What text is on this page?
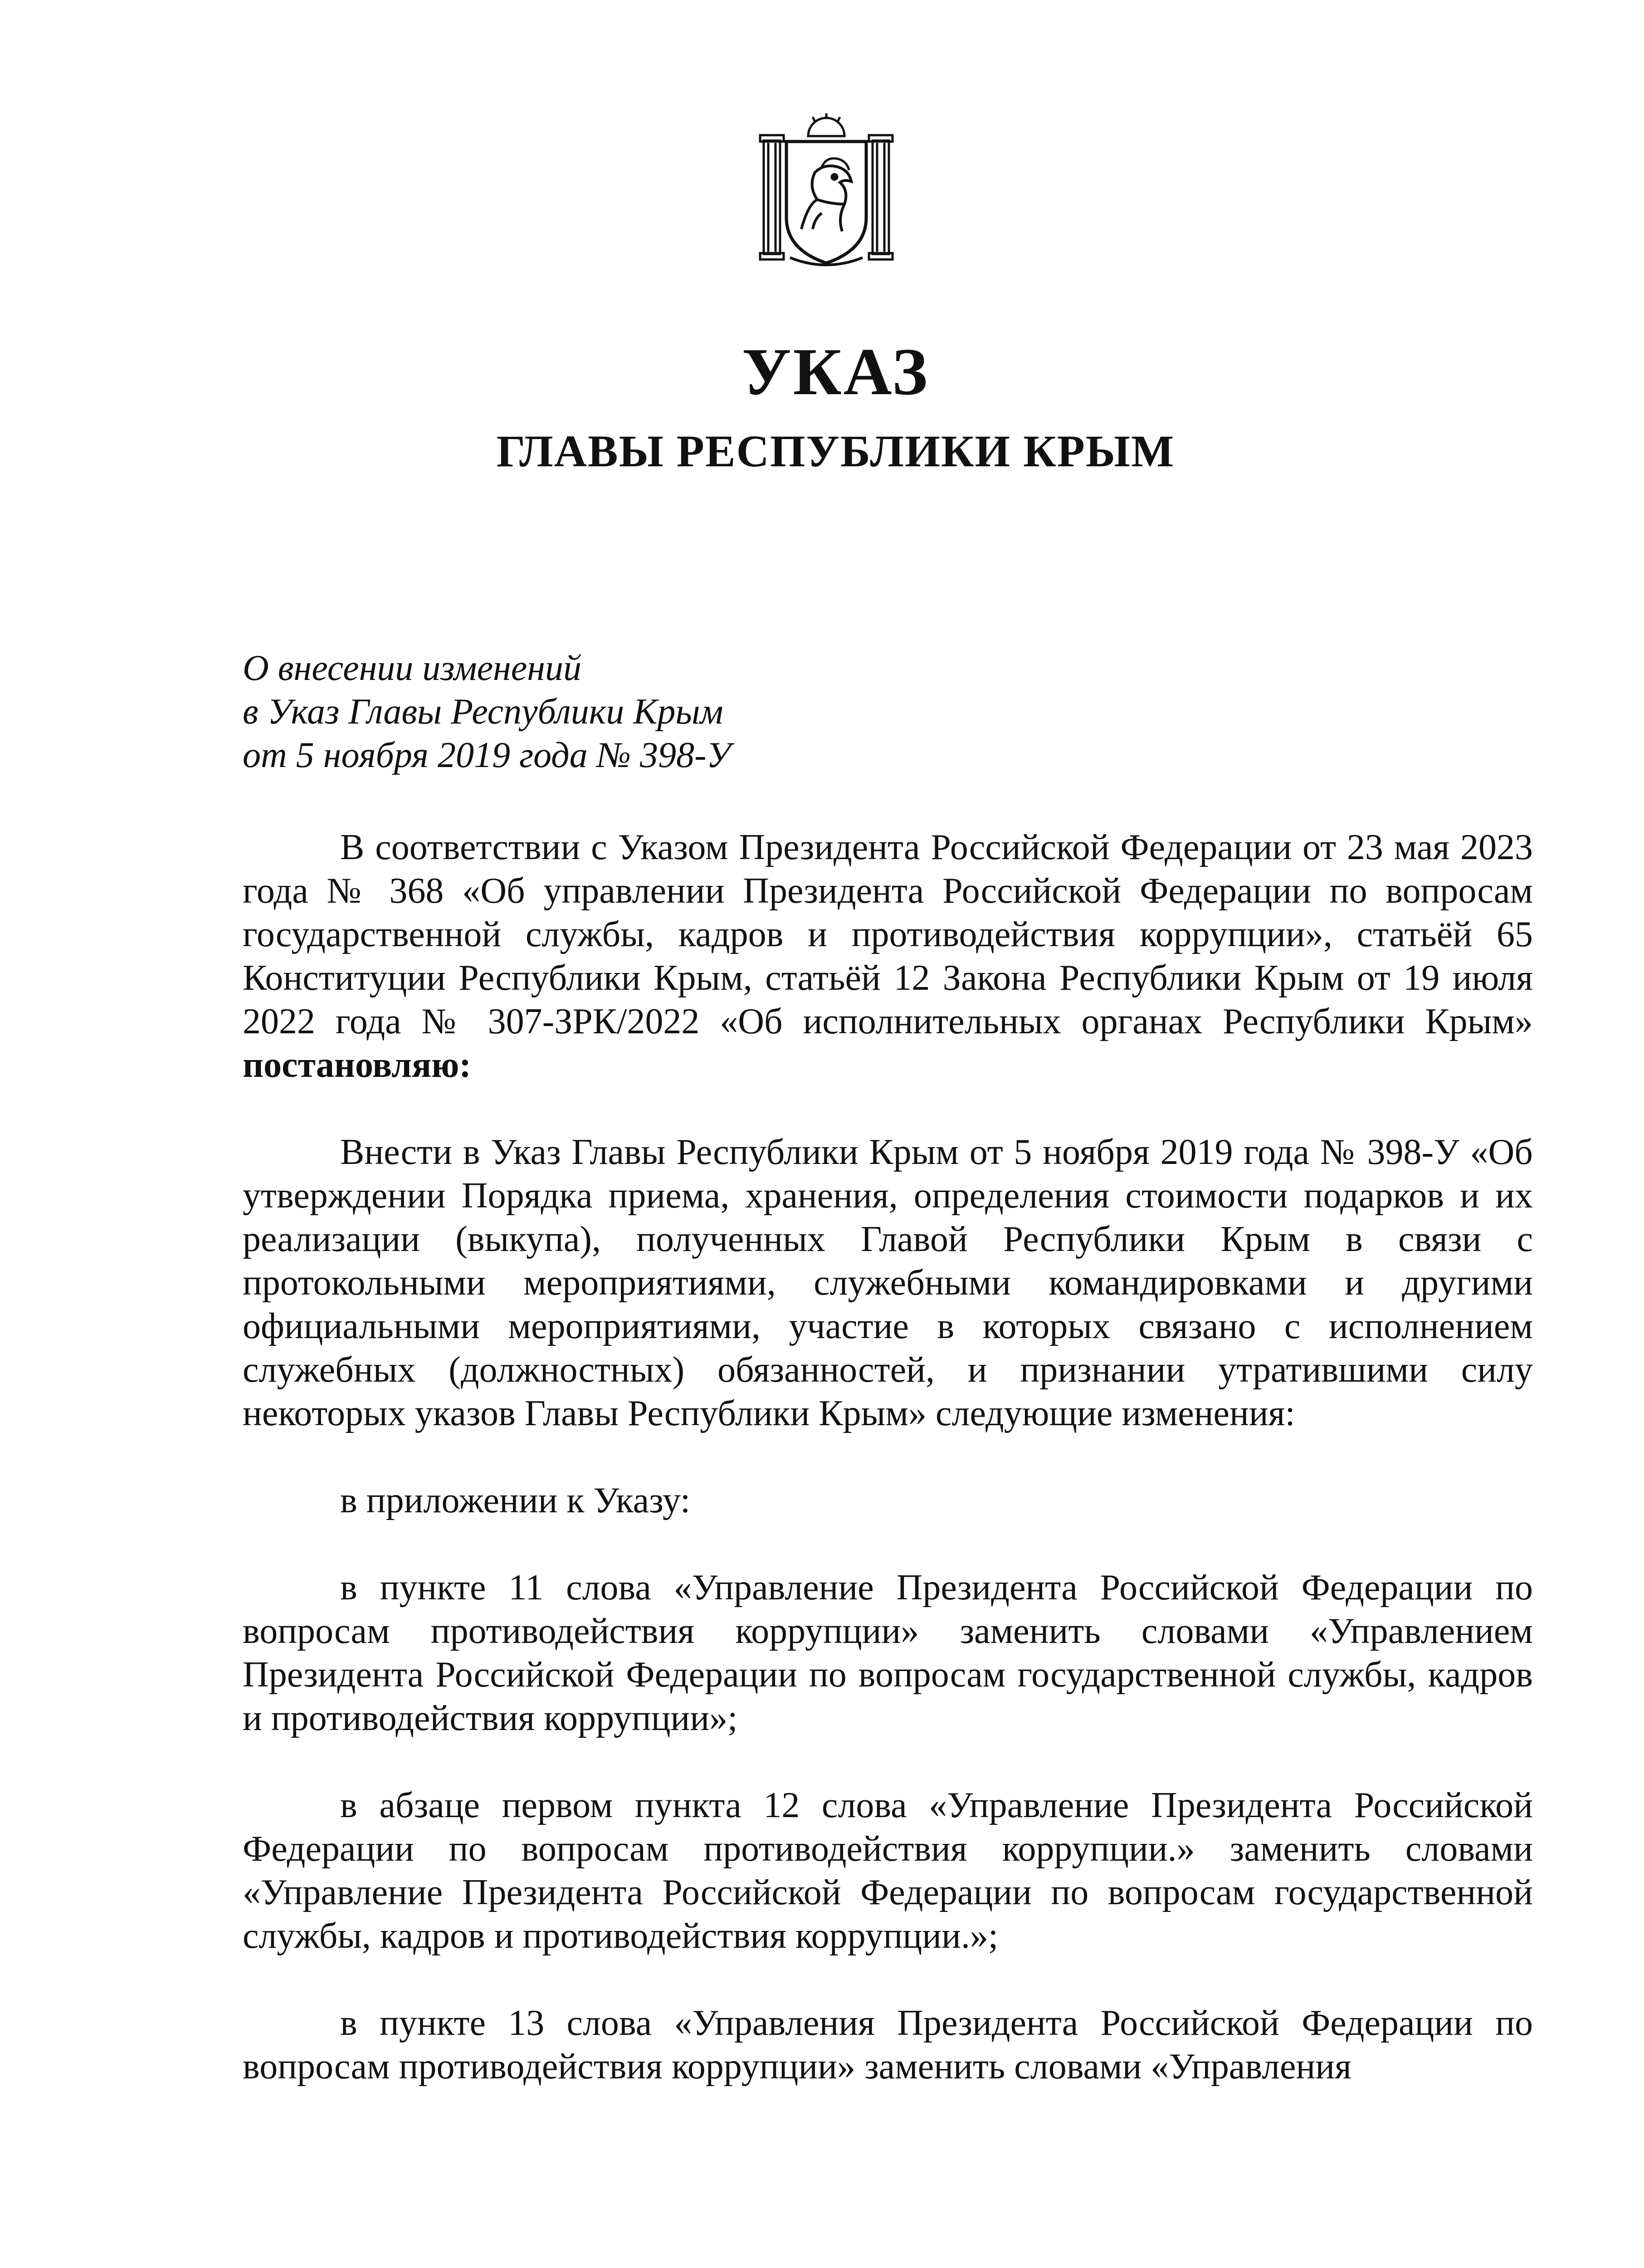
УКАЗ
ГЛАВЫ РЕСПУБЛИКИ КРЫМ
О внесении изменений
в Указ Главы Республики Крым
от 5 ноября 2019 года № 398-У

В соответствии с Указом Президента Российской Федерации от 23 мая 2023 года № 368 «Об управлении Президента Российской Федерации по вопросам государственной службы, кадров и противодействия коррупции», статьёй 65 Конституции Республики Крым, статьёй 12 Закона Республики Крым от 19 июля 2022 года № 307-ЗРК/2022 «Об исполнительных органах Республики Крым» постановляю:

Внести в Указ Главы Республики Крым от 5 ноября 2019 года № 398-У «Об утверждении Порядка приема, хранения, определения стоимости подарков и их реализации (выкупа), полученных Главой Республики Крым в связи с протокольными мероприятиями, служебными командировками и другими официальными мероприятиями, участие в которых связано с исполнением служебных (должностных) обязанностей, и признании утратившими силу некоторых указов Главы Республики Крым» следующие изменения:

в приложении к Указу:

в пункте 11 слова «Управление Президента Российской Федерации по вопросам противодействия коррупции» заменить словами «Управлением Президента Российской Федерации по вопросам государственной службы, кадров и противодействия коррупции»;

в абзаце первом пункта 12 слова «Управление Президента Российской Федерации по вопросам противодействия коррупции.» заменить словами «Управление Президента Российской Федерации по вопросам государственной службы, кадров и противодействия коррупции.»;

в пункте 13 слова «Управления Президента Российской Федерации по вопросам противодействия коррупции» заменить словами «Управления
